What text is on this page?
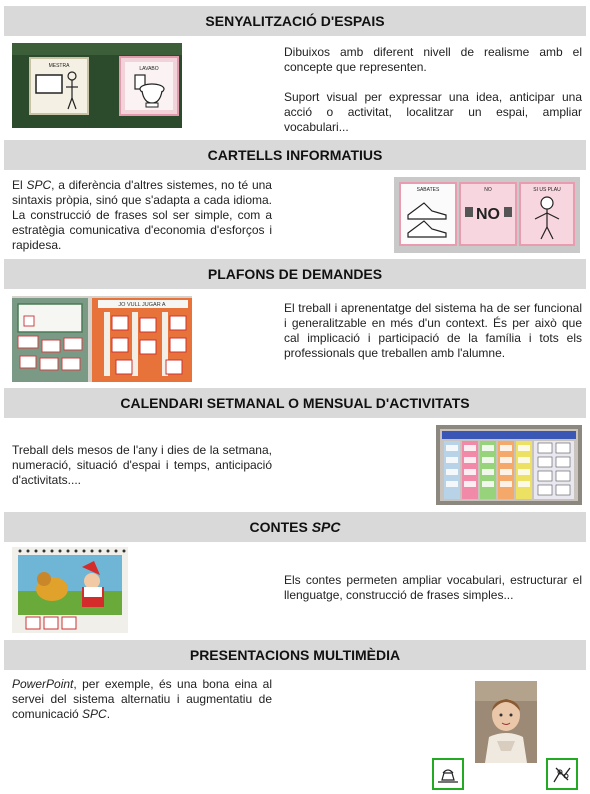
SENYALITZACIÓ D'ESPAIS
MESTRA	LAVABO
Dibuixos amb diferent nivell de realisme amb el concepte que representen.
Suport visual per expressar una idea, anticipar una acció o activitat, localitzar un espai, ampliar vocabulari...
CARTELLS INFORMATIUS
El SPC, a diferència d'altres sistemes, no té una sintaxis pròpia, sinó que s'adapta a cada idioma. La construcció de frases sol ser simple, com a estratègia comunicativa d'economia d'esforços i rapidesa.
SABATES	NO
NO
SI US PLAU
PLAFONS DE DEMANDES
JO VULL JUGAR A	El treball i aprenentatge del sistema ha de ser funcional i generalitzable en més d'un context. És per això que cal implicació i participació de la família i tots els professionals que treballen amb l'alumne.
CALENDARI SETMANAL O MENSUAL D'ACTIVITATS
Treball dels mesos de l'any i dies de la setmana, numeració, situació d'espai i temps, anticipació d'activitats....
CONTES SPC
Els contes permeten ampliar vocabulari, estructurar el llenguatge, construcció de frases simples...
PRESENTACIONS MULTIMÈDIA
PowerPoint, per exemple, és una bona eina al servei del sistema alternatiu i augmentatiu de comunicació SPC.
